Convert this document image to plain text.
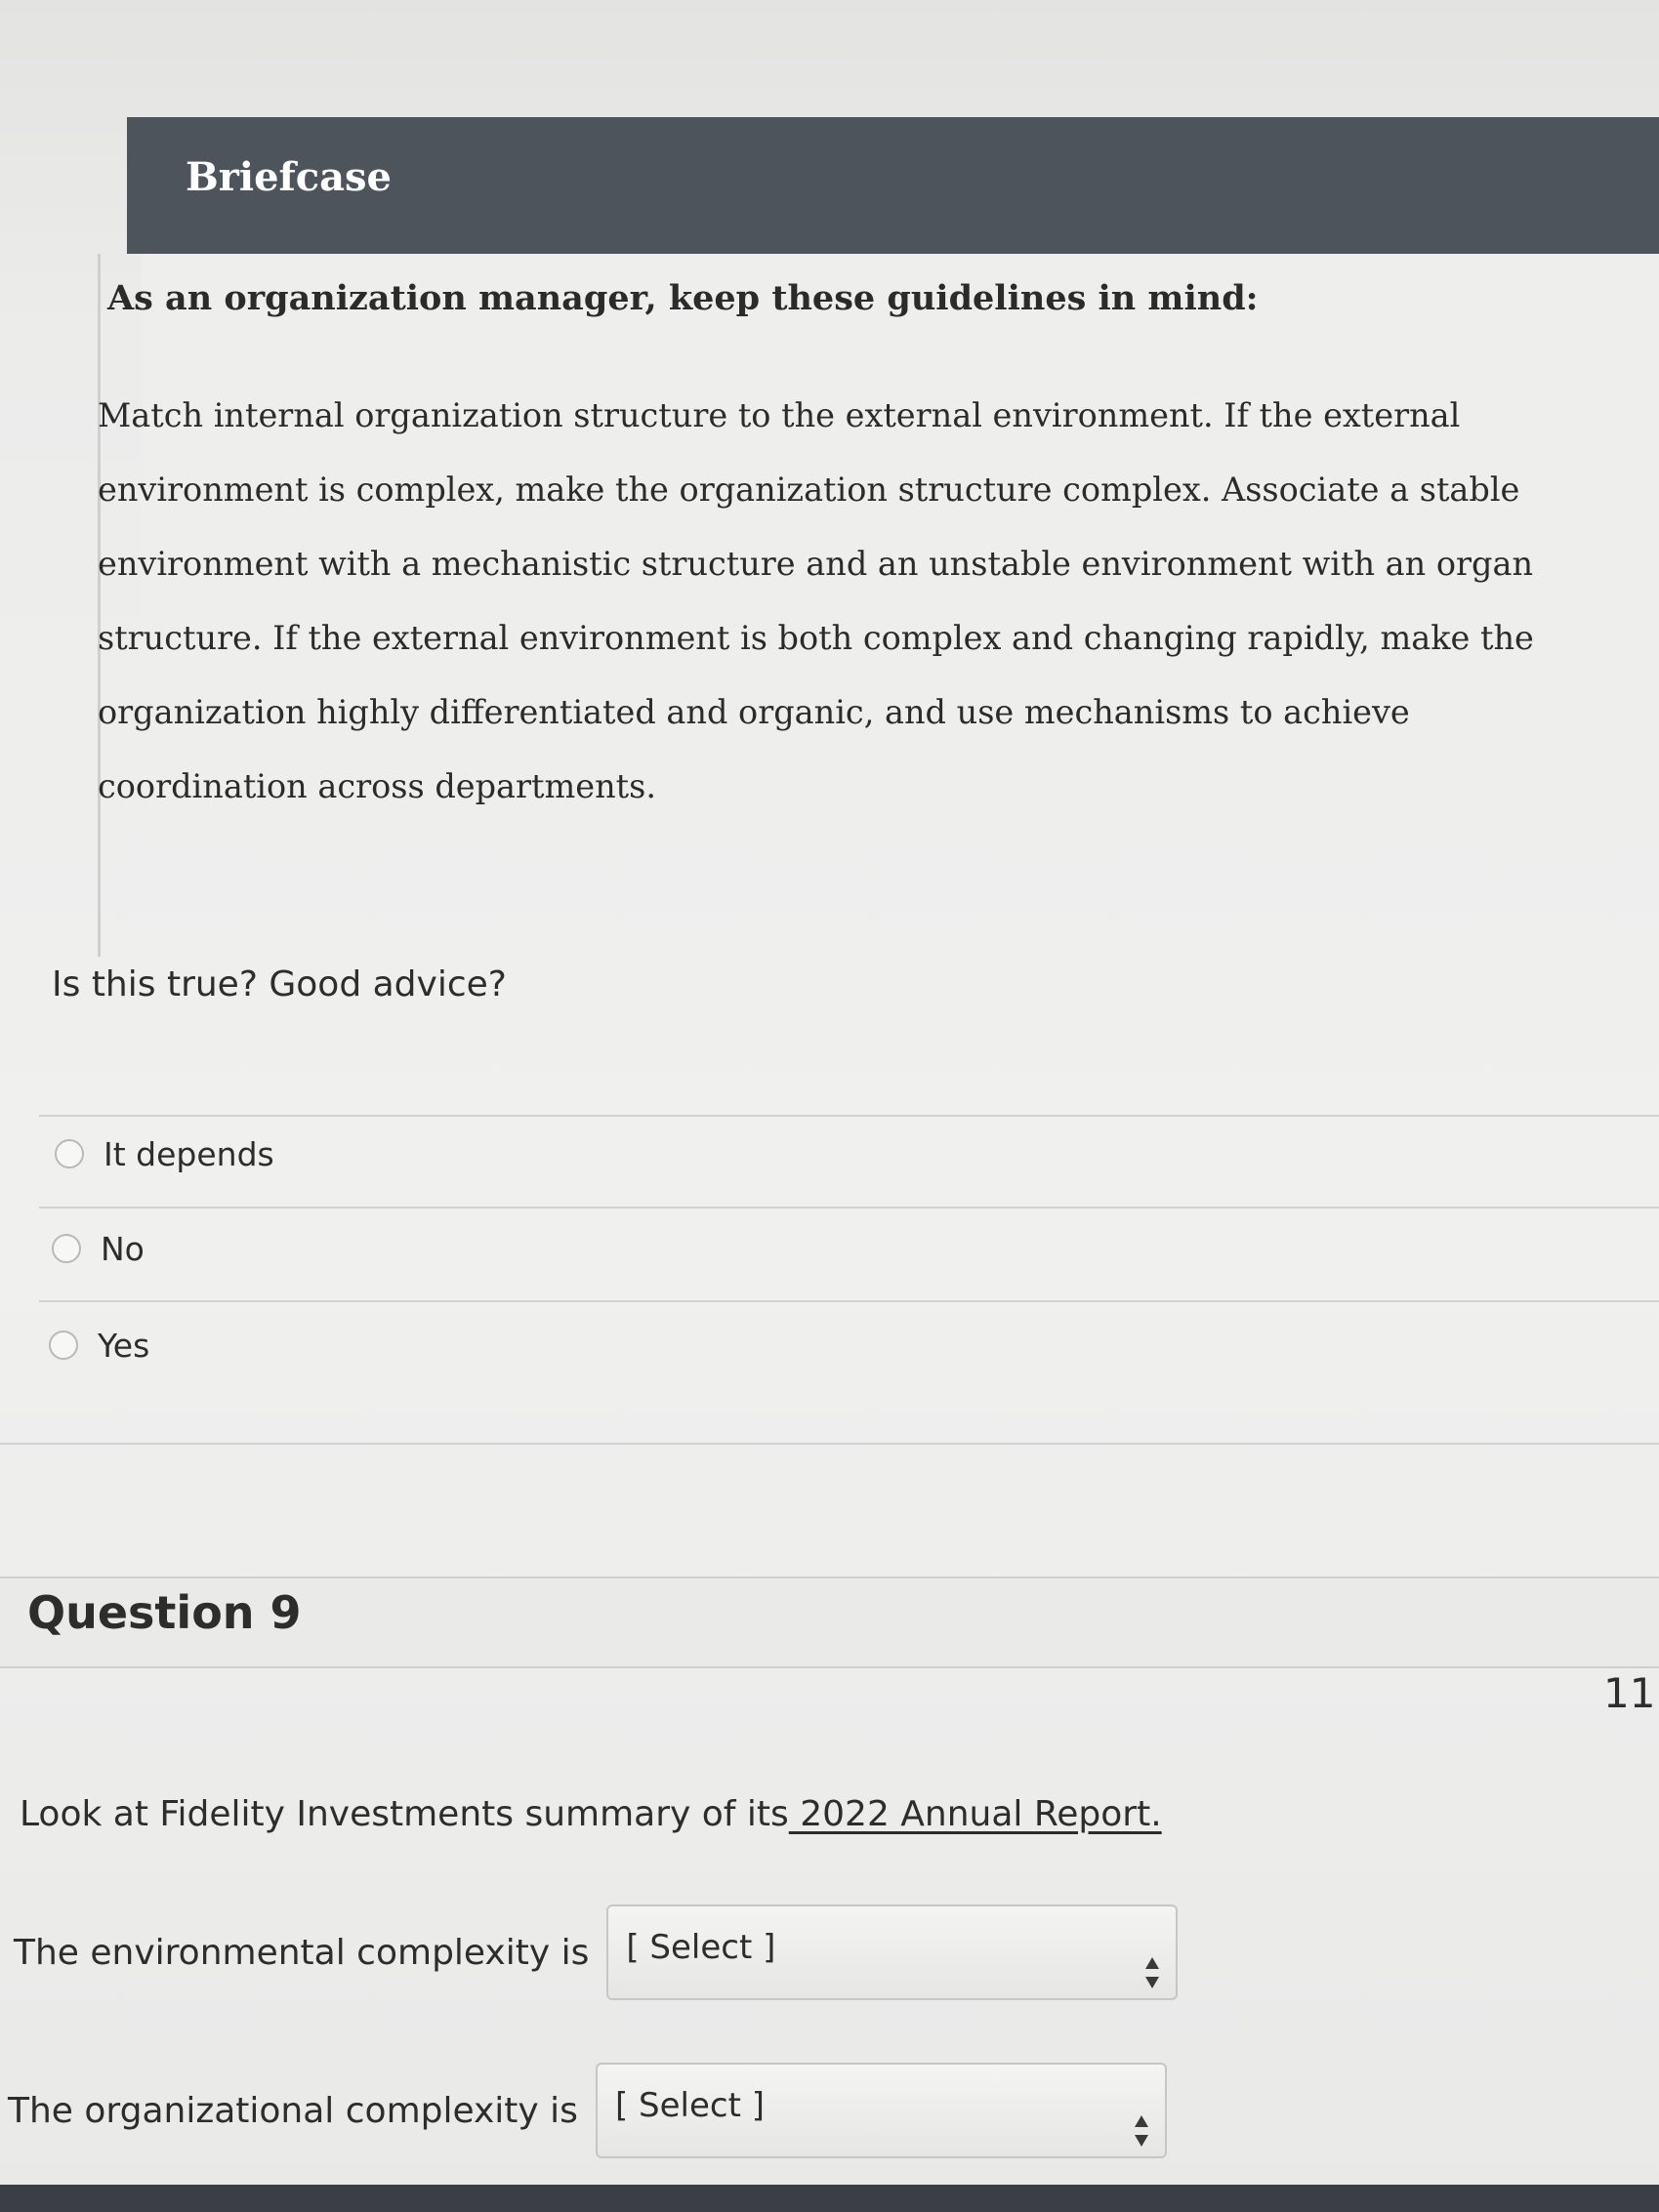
Briefcase
As an organization manager, keep these guidelines in mind:
Match internal organization structure to the external environment. If the external
environment is complex, make the organization structure complex. Associate a stable
environment with a mechanistic structure and an unstable environment with an organ
structure. If the external environment is both complex and changing rapidly, make the
organization highly differentiated and organic, and use mechanisms to achieve
coordination across departments.
Is this true? Good advice?
It depends
No
Yes
Question 9
11
Look at Fidelity Investments summary of its 2022 Annual Report.
The environmental complexity is [ Select ]
The organizational complexity is [ Select ]
